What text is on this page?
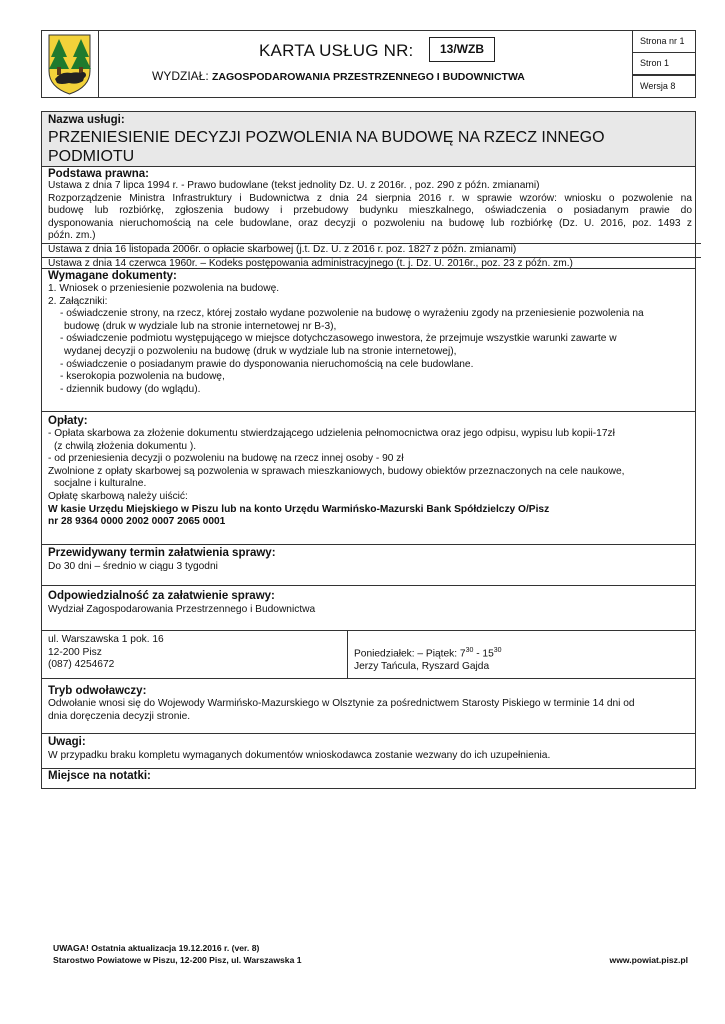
KARTA USŁUG NR:	13/WZB
WYDZIAŁ: ZAGOSPODAROWANIA PRZESTRZENNEGO I BUDOWNICTWA
Strona nr 1
Stron 1
Wersja 8
Nazwa usługi:
PRZENIESIENIE DECYZJI POZWOLENIA NA BUDOWĘ NA RZECZ INNEGO
PODMIOTU
Podstawa prawna:
Ustawa z dnia 7 lipca 1994 r. - Prawo budowlane (tekst jednolity Dz. U. z 2016r. , poz. 290 z późn. zmianami)
Rozporządzenie Ministra Infrastruktury i Budownictwa z dnia 24 sierpnia 2016 r. w sprawie wzorów: wniosku o pozwolenie na
budowę lub rozbiórkę, zgłoszenia budowy i przebudowy budynku mieszkalnego, oświadczenia o posiadanym prawie do
dysponowania nieruchomością na cele budowlane, oraz decyzji o pozwoleniu na budowę lub rozbiórkę (Dz. U. 2016, poz. 1493 z
późn. zm.)
Ustawa z dnia 16 listopada 2006r. o opłacie skarbowej (j.t. Dz. U. z 2016 r. poz. 1827 z późn. zmianami)
Ustawa z dnia 14 czerwca 1960r. – Kodeks postępowania administracyjnego (t. j. Dz. U. 2016r., poz. 23 z późn. zm.)
Wymagane dokumenty:
1. Wniosek o przeniesienie pozwolenia na budowę.
2. Załączniki:
- oświadczenie strony, na rzecz, której zostało wydane pozwolenie na budowę o wyrażeniu zgody na przeniesienie pozwolenia na
budowę (druk w wydziale lub na stronie internetowej nr B-3),
- oświadczenie podmiotu występującego w miejsce dotychczasowego inwestora, że przejmuje wszystkie warunki zawarte w
wydanej decyzji o pozwoleniu na budowę (druk w wydziale lub na stronie internetowej),
- oświadczenie o posiadanym prawie do dysponowania nieruchomością na cele budowlane.
- kserokopia pozwolenia na budowę,
- dziennik budowy (do wglądu).
Opłaty:
- Opłata skarbowa za złożenie dokumentu stwierdzającego udzielenia pełnomocnictwa oraz jego odpisu, wypisu lub kopii-17zł
(z chwilą złożenia dokumentu ).
- od przeniesienia decyzji o pozwoleniu na budowę na rzecz innej osoby - 90 zł
Zwolnione z opłaty skarbowej są pozwolenia w sprawach mieszkaniowych, budowy obiektów przeznaczonych na cele naukowe,
socjalne i kulturalne.
Opłatę skarbową należy uiścić:
W kasie Urzędu Miejskiego w Piszu lub na konto Urzędu Warmińsko-Mazurski Bank Spółdzielczy O/Pisz
nr 28 9364 0000 2002 0007 2065 0001
Przewidywany termin załatwienia sprawy:
Do 30 dni – średnio w ciągu 3 tygodni
Odpowiedzialność za załatwienie sprawy:
Wydział Zagospodarowania Przestrzennego i Budownictwa
ul. Warszawska 1 pok. 16
12-200 Pisz
(087) 4254672
Poniedziałek: – Piątek: $7^{30} - 15^{30}$
Jerzy Tańcula, Ryszard Gajda
Tryb odwoławczy:
Odwołanie wnosi się do Wojewody Warmińsko-Mazurskiego w Olsztynie za pośrednictwem Starosty Piskiego w terminie 14 dni od
dnia doręczenia decyzji stronie.
Uwagi:
W przypadku braku kompletu wymaganych dokumentów wnioskodawca zostanie wezwany do ich uzupełnienia.
Miejsce na notatki:
UWAGA! Ostatnia aktualizacja 19.12.2016 r. (ver. 8)
Starostwo Powiatowe w Piszu, 12-200 Pisz, ul. Warszawska 1	www.powiat.pisz.pl
